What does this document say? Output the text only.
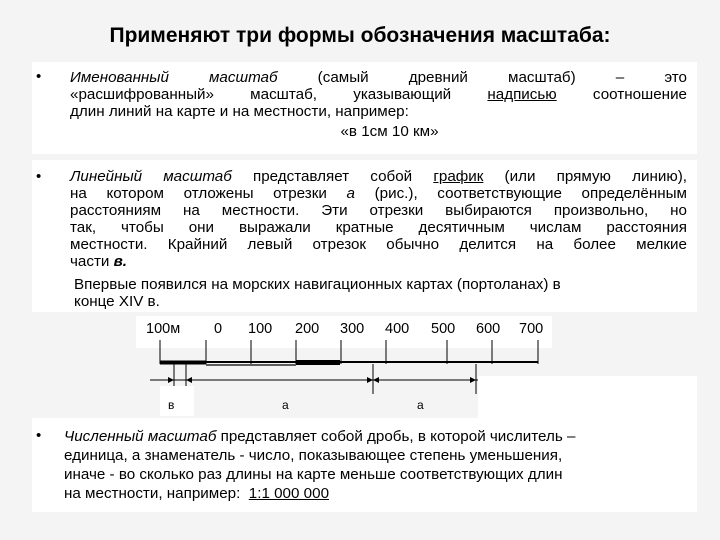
Применяют три формы обозначения масштаба:
• Именованный масштаб (самый древний масштаб) – это
«расшифрованный» масштаб, указывающий надписью соотношение
длин линий на карте и на местности, например:
«в 1см 10 км»
• Линейный масштаб представляет собой график (или прямую линию),
на котором отложены отрезки а (рис.), соответствующие определённым
расстояниям на местности. Эти отрезки выбираются произвольно, но
так, чтобы они выражали кратные десятичным числам расстояния
местности. Крайний левый отрезок обычно делится на более мелкие
части в.
Впервые появился на морских навигационных картах (портоланах) в
конце XIV в.
100м 0 100 200 300 400 500 600 700
в	а	а
• Численный масштаб представляет собой дробь, в которой числитель –
единица, а знаменатель - число, показывающее степень уменьшения,
иначе - во сколько раз длины на карте меньше соответствующих длин
на местности, например:  1:1 000 000
